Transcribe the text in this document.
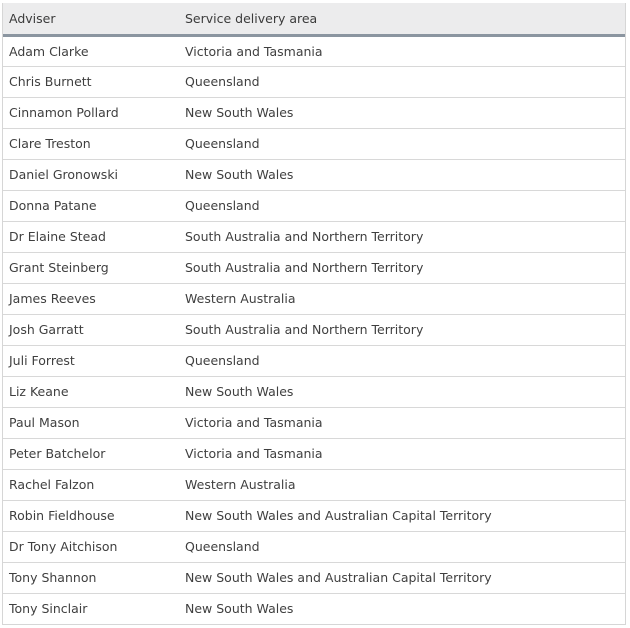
Adviser	Service delivery area
Adam Clarke	Victoria and Tasmania
Chris Burnett	Queensland
Cinnamon Pollard	New South Wales
Clare Treston	Queensland
Daniel Gronowski	New South Wales
Donna Patane	Queensland
Dr Elaine Stead	South Australia and Northern Territory
Grant Steinberg	South Australia and Northern Territory
James Reeves	Western Australia
Josh Garratt	South Australia and Northern Territory
Juli Forrest	Queensland
Liz Keane	New South Wales
Paul Mason	Victoria and Tasmania
Peter Batchelor	Victoria and Tasmania
Rachel Falzon	Western Australia
Robin Fieldhouse	New South Wales and Australian Capital Territory
Dr Tony Aitchison	Queensland
Tony Shannon	New South Wales and Australian Capital Territory
Tony Sinclair	New South Wales
